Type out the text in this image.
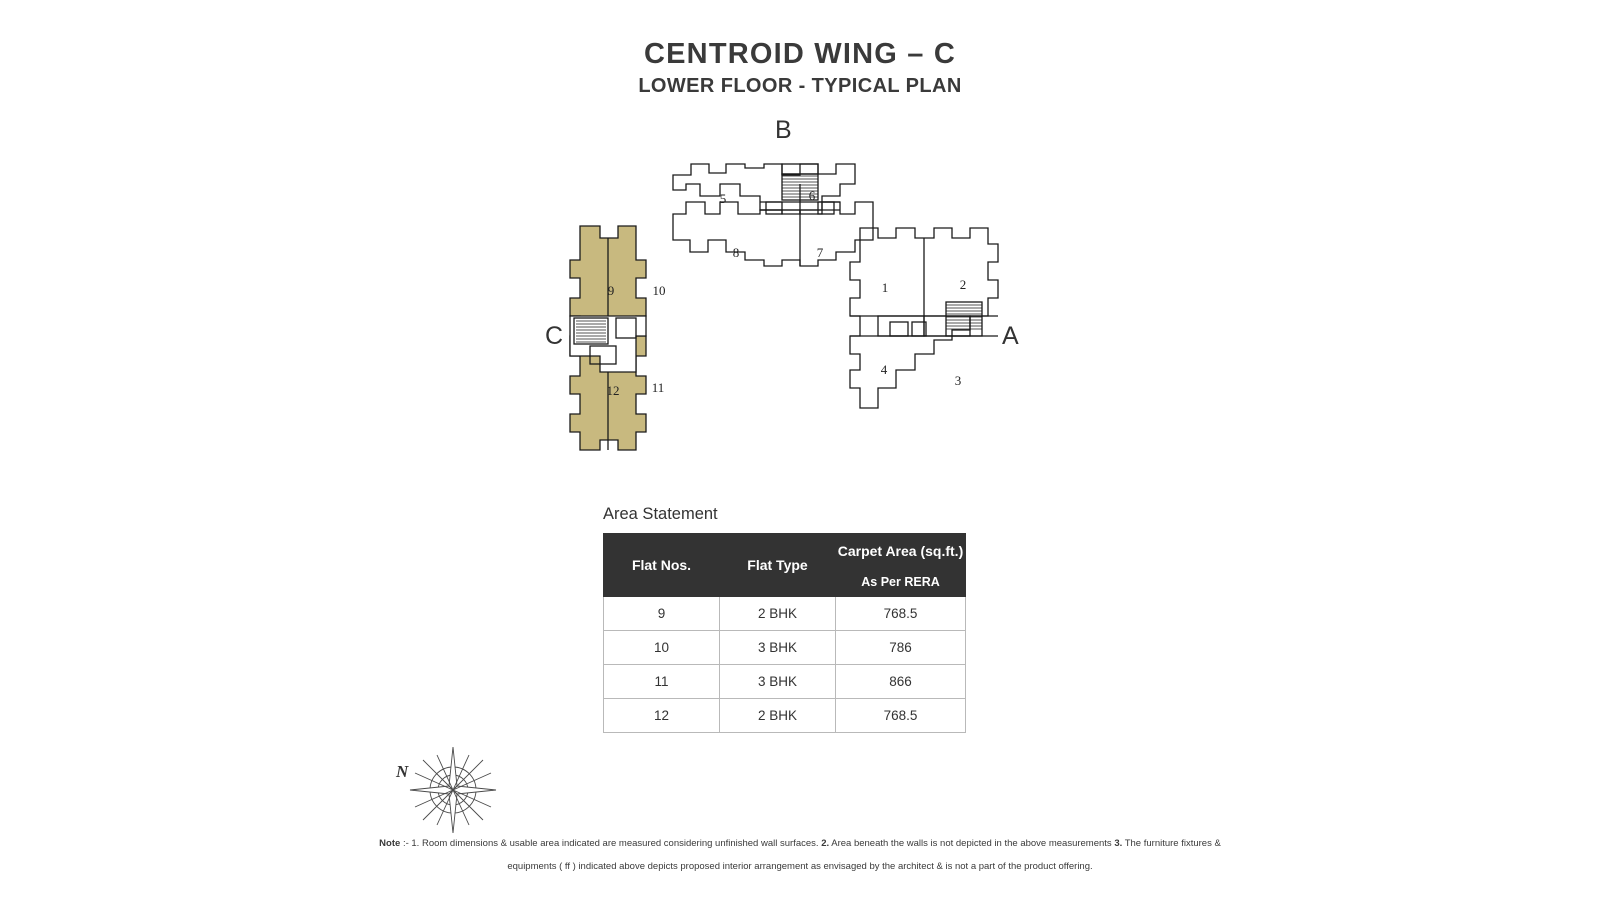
CENTROID WING – C
LOWER FLOOR - TYPICAL PLAN
B
C	A
5	6
7
8
1	2
3
4
9	10
12 11
Area Statement
Flat Nos.	Flat Type	Carpet Area (sq.ft.)
		As Per RERA
9	2 BHK	768.5
10	3 BHK	786
11	3 BHK	866
12	2 BHK	768.5
N
Note :- 1. Room dimensions & usable area indicated are measured considering unfinished wall surfaces. 2. Area beneath the walls is not depicted in the above measurements 3. The furniture fixtures &
equipments ( ff ) indicated above depicts proposed interior arrangement as envisaged by the architect & is not a part of the product offering.
